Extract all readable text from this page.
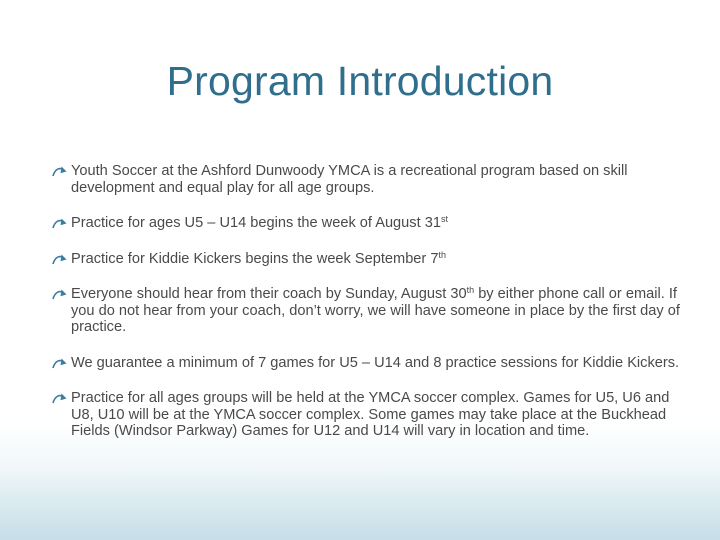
Program Introduction
Youth Soccer at the Ashford Dunwoody YMCA is a recreational program based on skill development and equal play for all age groups.
Practice for ages U5 – U14 begins the week of August 31st
Practice for Kiddie Kickers begins the week September 7th
Everyone should hear from their coach by Sunday, August 30th by either phone call or email. If you do not hear from your coach, don’t worry, we will have someone in place by the first day of practice.
We guarantee a minimum of 7 games for U5 – U14 and 8 practice sessions for Kiddie Kickers.
Practice for all ages groups will be held at the YMCA soccer complex. Games for U5, U6 and U8, U10 will be at the YMCA soccer complex. Some games may take place at the Buckhead Fields (Windsor Parkway) Games for U12 and U14 will vary in location and time.
